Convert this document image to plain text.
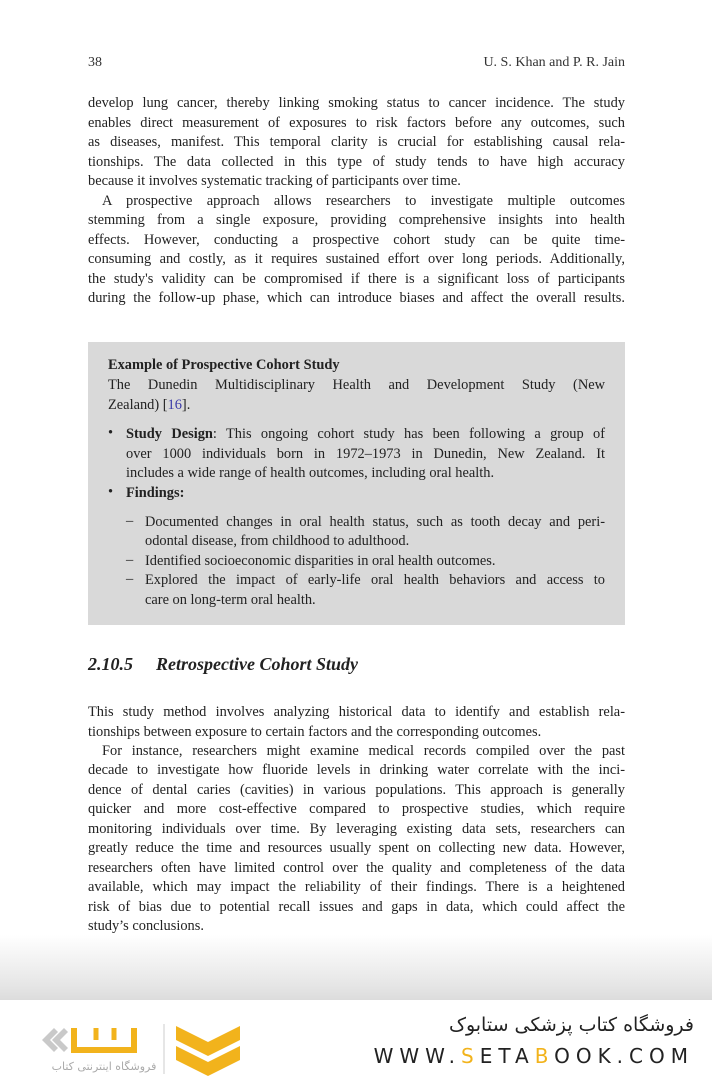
38	U. S. Khan and P. R. Jain
develop lung cancer, thereby linking smoking status to cancer incidence. The study
enables direct measurement of exposures to risk factors before any outcomes, such
as diseases, manifest. This temporal clarity is crucial for establishing causal rela-
tionships. The data collected in this type of study tends to have high accuracy
because it involves systematic tracking of participants over time.
A prospective approach allows researchers to investigate multiple outcomes
stemming from a single exposure, providing comprehensive insights into health
effects. However, conducting a prospective cohort study can be quite time-
consuming and costly, as it requires sustained effort over long periods. Additionally,
the study's validity can be compromised if there is a significant loss of participants
during the follow-up phase, which can introduce biases and affect the overall results.
Example of Prospective Cohort Study
The Dunedin Multidisciplinary Health and Development Study (New
Zealand) [16].
• Study Design: This ongoing cohort study has been following a group of
over 1000 individuals born in 1972–1973 in Dunedin, New Zealand. It
includes a wide range of health outcomes, including oral health.
• Findings:
– Documented changes in oral health status, such as tooth decay and peri-
odontal disease, from childhood to adulthood.
– Identified socioeconomic disparities in oral health outcomes.
– Explored the impact of early-life oral health behaviors and access to
care on long-term oral health.
2.10.5 Retrospective Cohort Study
This study method involves analyzing historical data to identify and establish rela-
tionships between exposure to certain factors and the corresponding outcomes.
For instance, researchers might examine medical records compiled over the past
decade to investigate how fluoride levels in drinking water correlate with the inci-
dence of dental caries (cavities) in various populations. This approach is generally
quicker and more cost-effective compared to prospective studies, which require
monitoring individuals over time. By leveraging existing data sets, researchers can
greatly reduce the time and resources usually spent on collecting new data. However,
researchers often have limited control over the quality and completeness of the data
available, which may impact the reliability of their findings. There is a heightened
risk of bias due to potential recall issues and gaps in data, which could affect the
study’s conclusions.
فروشگاه اینترنتی کتاب
فروشگاه کتاب پزشکی ستابوک
WWW.SETABOOK.COM
